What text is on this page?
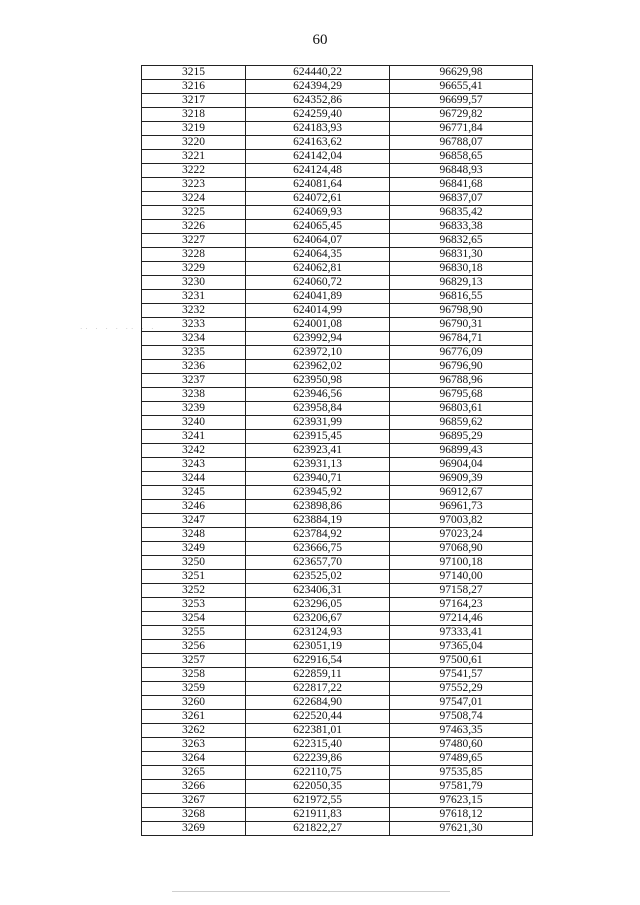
60
·· · · · ·· · ·
3215	624440,22	96629,98
3216	624394,29	96655,41
3217	624352,86	96699,57
3218	624259,40	96729,82
3219	624183,93	96771,84
3220	624163,62	96788,07
3221	624142,04	96858,65
3222	624124,48	96848,93
3223	624081,64	96841,68
3224	624072,61	96837,07
3225	624069,93	96835,42
3226	624065,45	96833,38
3227	624064,07	96832,65
3228	624064,35	96831,30
3229	624062,81	96830,18
3230	624060,72	96829,13
3231	624041,89	96816,55
3232	624014,99	96798,90
3233	624001,08	96790,31
3234	623992,94	96784,71
3235	623972,10	96776,09
3236	623962,02	96796,90
3237	623950,98	96788,96
3238	623946,56	96795,68
3239	623958,84	96803,61
3240	623931,99	96859,62
3241	623915,45	96895,29
3242	623923,41	96899,43
3243	623931,13	96904,04
3244	623940,71	96909,39
3245	623945,92	96912,67
3246	623898,86	96961,73
3247	623884,19	97003,82
3248	623784,92	97023,24
3249	623666,75	97068,90
3250	623657,70	97100,18
3251	623525,02	97140,00
3252	623406,31	97158,27
3253	623296,05	97164,23
3254	623206,67	97214,46
3255	623124,93	97333,41
3256	623051,19	97365,04
3257	622916,54	97500,61
3258	622859,11	97541,57
3259	622817,22	97552,29
3260	622684,90	97547,01
3261	622520,44	97508,74
3262	622381,01	97463,35
3263	622315,40	97480,60
3264	622239,86	97489,65
3265	622110,75	97535,85
3266	622050,35	97581,79
3267	621972,55	97623,15
3268	621911,83	97618,12
3269	621822,27	97621,30
